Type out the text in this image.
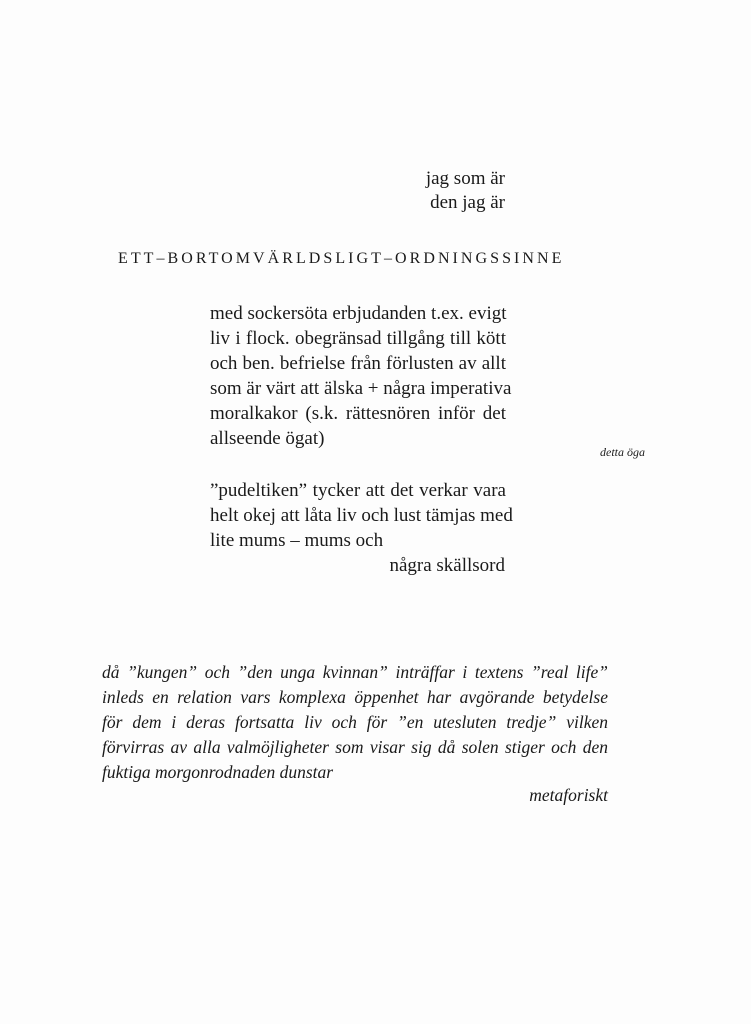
jag som är
den jag är
ETT–BORTOMVÄRLDSLIGT–ORDNINGSSINNE
med sockersöta erbjudanden t.ex. evigt
liv i flock. obegränsad tillgång till kött
och ben. befrielse från förlusten av allt
som är värt att älska + några imperativa
moralkakor (s.k. rättesnören inför det
allseende ögat)
detta öga
”pudeltiken” tycker att det verkar vara
helt okej att låta liv och lust tämjas med
lite mums – mums och
några skällsord
då ”kungen” och ”den unga kvinnan” inträffar i textens ”real life”
inleds en relation vars komplexa öppenhet har avgörande betydelse
för dem i deras fortsatta liv och för ”en utesluten tredje” vilken
förvirras av alla valmöjligheter som visar sig då solen stiger och den
fuktiga morgonrodnaden dunstar
metaforiskt
